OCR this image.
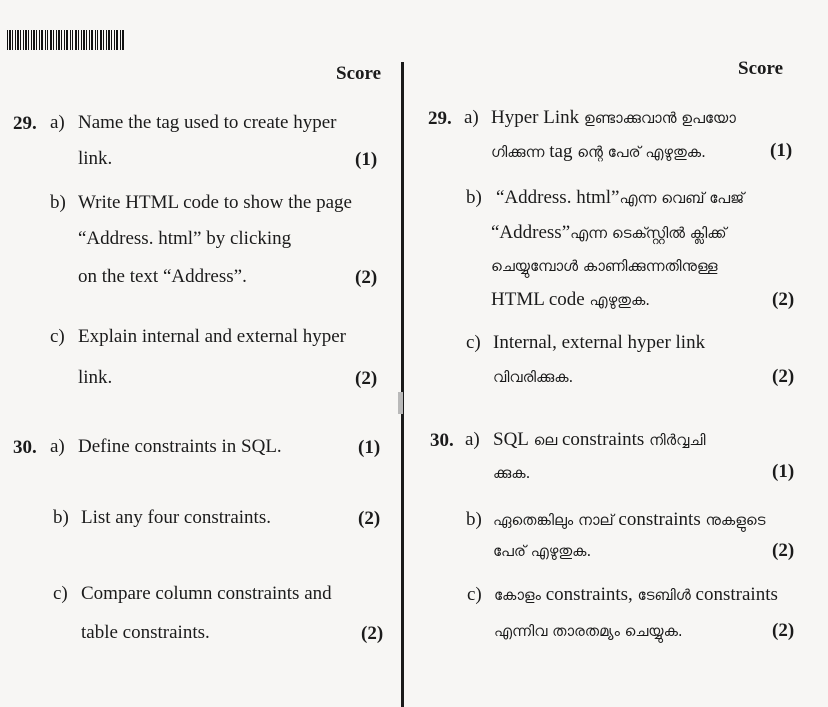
Score
29. a) Name the tag used to create hyper
link.	(1)
b) Write HTML code to show the page
“Address. html” by clicking
on the text “Address”.	(2)
c) Explain internal and external hyper
link.	(2)
30. a) Define constraints in SQL.	(1)
b) List any four constraints.	(2)
c) Compare column constraints and
table constraints.	(2)
Score
29. a) Hyper Link ഉണ്ടാക്കുവാൻ ഉപയോ
ഗിക്കുന്ന tag ന്റെ പേര് എഴുതുക.	(1)
b) “Address. html”എന്ന വെബ് പേജ്
“Address”എന്ന ടെക്സ്റ്റിൽ ക്ലിക്ക്
ചെയ്യുമ്പോൾ കാണിക്കുന്നതിനുള്ള
HTML code എഴുതുക.	(2)
c) Internal, external hyper link
വിവരിക്കുക.	(2)
30. a) SQL ലെ constraints നിർവ്വചി
ക്കുക.	(1)
b) ഏതെങ്കിലും നാല് constraints നുകളുടെ
പേര് എഴുതുക.	(2)
c) കോളം constraints, ടേബിൾ constraints
എന്നിവ താരതമ്യം ചെയ്യുക.	(2)
